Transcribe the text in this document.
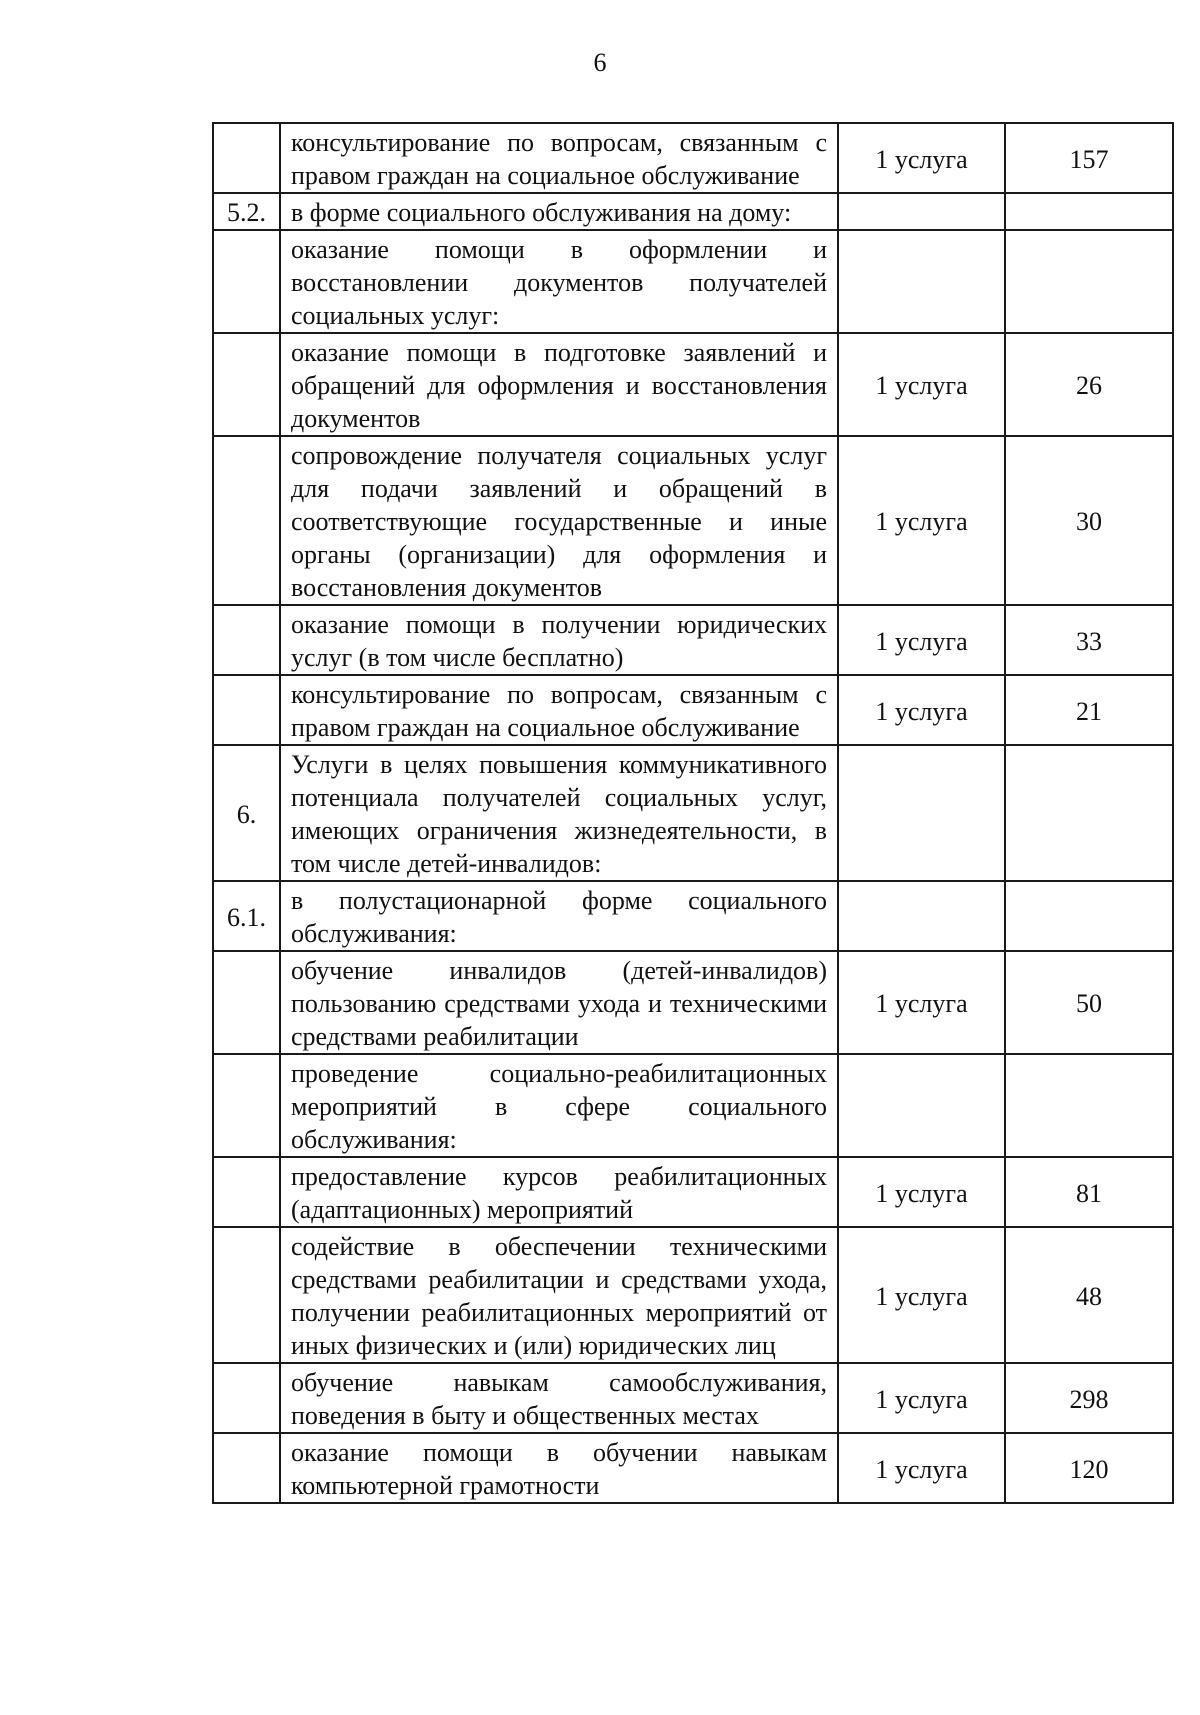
6
	консультирование по вопросам, связанным с правом граждан на социальное обслуживание	1 услуга	157
5.2.	в форме социального обслуживания на дому:		
	оказание помощи в оформлении и восстановлении документов получателей социальных услуг:		
	оказание помощи в подготовке заявлений и обращений для оформления и восстановления документов	1 услуга	26
	сопровождение получателя социальных услуг для подачи заявлений и обращений в соответствующие государственные и иные органы (организации) для оформления и восстановления документов	1 услуга	30
	оказание помощи в получении юридических услуг (в том числе бесплатно)	1 услуга	33
	консультирование по вопросам, связанным с правом граждан на социальное обслуживание	1 услуга	21
6.	Услуги в целях повышения коммуникативного потенциала получателей социальных услуг, имеющих ограничения жизнедеятельности, в том числе детей-инвалидов:		
6.1.	в полустационарной форме социального обслуживания:		
	обучение инвалидов (детей-инвалидов) пользованию средствами ухода и техническими средствами реабилитации	1 услуга	50
	проведение социально-реабилитационных мероприятий в сфере социального обслуживания:		
	предоставление курсов реабилитационных (адаптационных) мероприятий	1 услуга	81
	содействие в обеспечении техническими средствами реабилитации и средствами ухода, получении реабилитационных мероприятий от иных физических и (или) юридических лиц	1 услуга	48
	обучение навыкам самообслуживания, поведения в быту и общественных местах	1 услуга	298
	оказание помощи в обучении навыкам компьютерной грамотности	1 услуга	120
